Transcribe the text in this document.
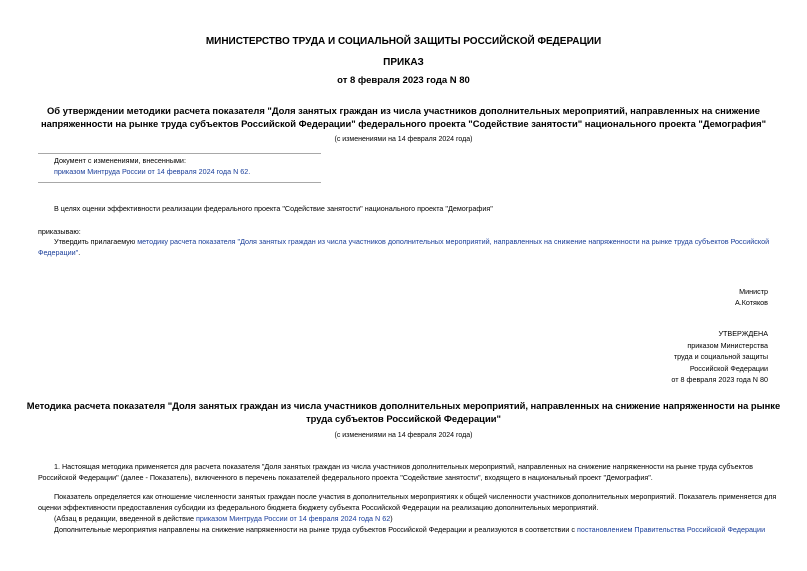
МИНИСТЕРСТВО ТРУДА И СОЦИАЛЬНОЙ ЗАЩИТЫ РОССИЙСКОЙ ФЕДЕРАЦИИ
ПРИКАЗ
от 8 февраля 2023 года N 80
Об утверждении методики расчета показателя "Доля занятых граждан из числа участников дополнительных мероприятий, направленных на снижение
напряженности на рынке труда субъектов Российской Федерации" федерального проекта "Содействие занятости" национального проекта "Демография"
(с изменениями на 14 февраля 2024 года)
Документ с изменениями, внесенными:
приказом Минтруда России от 14 февраля 2024 года N 62.
В целях оценки эффективности реализации федерального проекта "Содействие занятости" национального проекта "Демография"
приказываю:
Утвердить прилагаемую методику расчета показателя "Доля занятых граждан из числа участников дополнительных мероприятий, направленных на снижение напряженности на рынке труда субъектов Российской
Федерации".
Министр
А.Котяков
УТВЕРЖДЕНА
приказом Министерства
труда и социальной защиты
Российской Федерации
от 8 февраля 2023 года N 80
Методика расчета показателя "Доля занятых граждан из числа участников дополнительных мероприятий, направленных на снижение напряженности на рынке
труда субъектов Российской Федерации"
(с изменениями на 14 февраля 2024 года)
1. Настоящая методика применяется для расчета показателя "Доля занятых граждан из числа участников дополнительных мероприятий, направленных на снижение напряженности на рынке труда субъектов
Российской Федерации" (далее - Показатель), включенного в перечень показателей федерального проекта "Содействие занятости", входящего в национальный проект "Демография".
Показатель определяется как отношение численности занятых граждан после участия в дополнительных мероприятиях к общей численности участников дополнительных мероприятий. Показатель применяется для
оценки эффективности предоставления субсидии из федерального бюджета бюджету субъекта Российской Федерации на реализацию дополнительных мероприятий.
(Абзац в редакции, введенной в действие приказом Минтруда России от 14 февраля 2024 года N 62)
Дополнительные мероприятия направлены на снижение напряженности на рынке труда субъектов Российской Федерации и реализуются в соответствии с постановлением Правительства Российской Федерации
